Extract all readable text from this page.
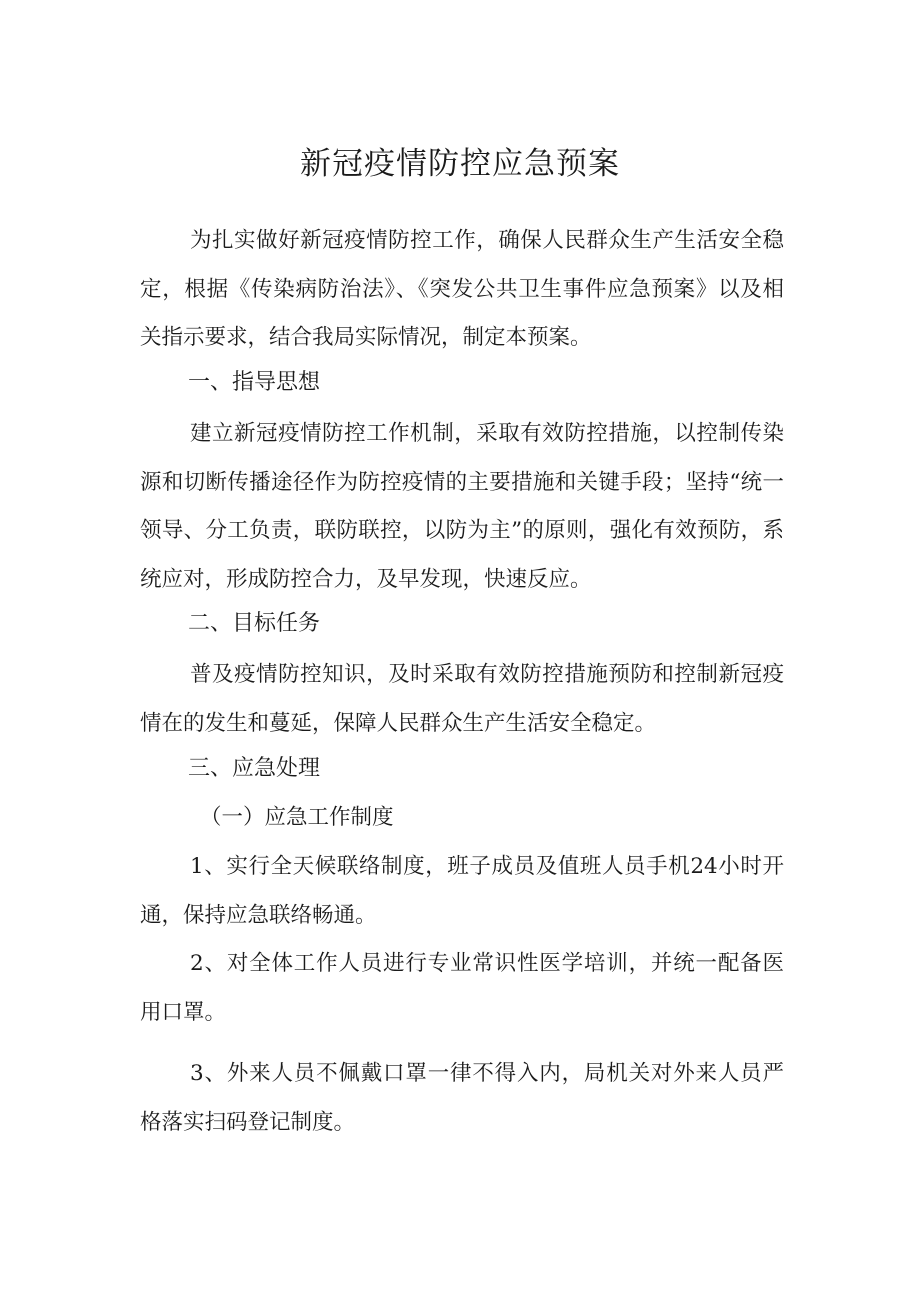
新冠疫情防控应急预案

为扎实做好新冠疫情防控工作，确保人民群众生产生活安全稳定，根据《传染病防治法》、《突发公共卫生事件应急预案》以及相关指示要求，结合我局实际情况，制定本预案。

一、指导思想

建立新冠疫情防控工作机制，采取有效防控措施，以控制传染源和切断传播途径作为防控疫情的主要措施和关键手段；坚持“统一领导、分工负责，联防联控，以防为主”的原则，强化有效预防，系统应对，形成防控合力，及早发现，快速反应。

二、目标任务

普及疫情防控知识，及时采取有效防控措施预防和控制新冠疫情在的发生和蔓延，保障人民群众生产生活安全稳定。

三、应急处理

（一）应急工作制度

1、实行全天候联络制度，班子成员及值班人员手机24小时开通，保持应急联络畅通。

2、对全体工作人员进行专业常识性医学培训，并统一配备医用口罩。

3、外来人员不佩戴口罩一律不得入内，局机关对外来人员严格落实扫码登记制度。
